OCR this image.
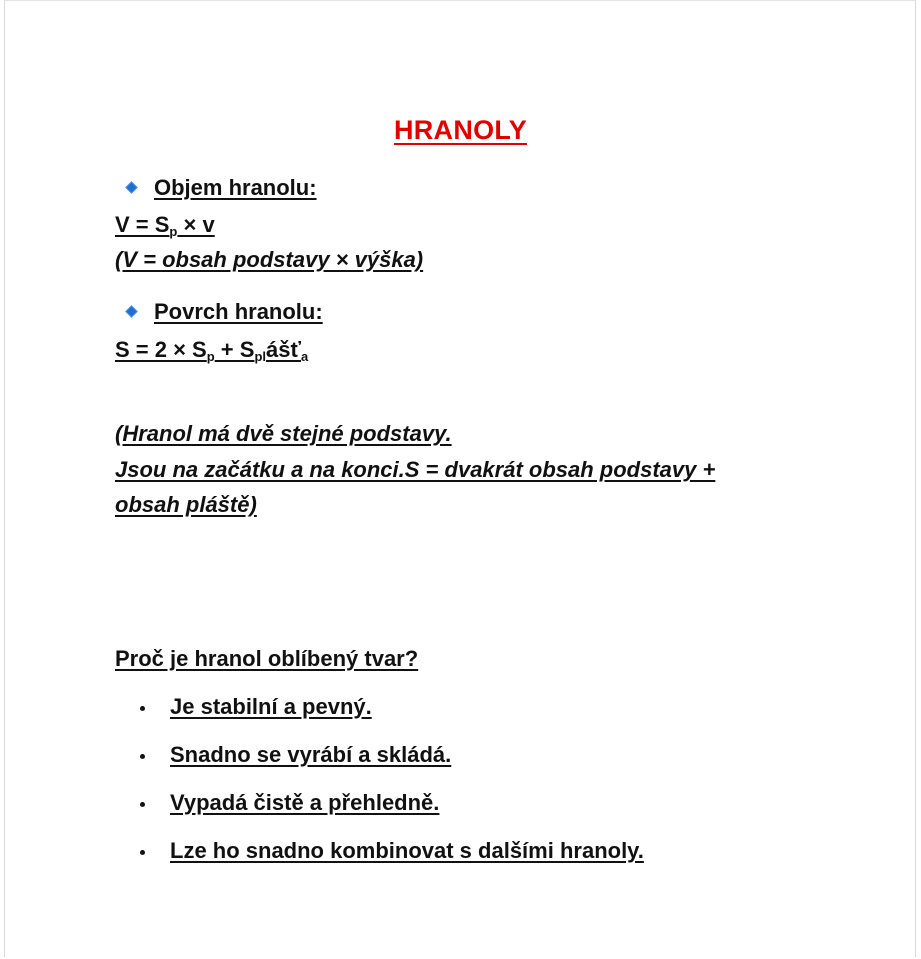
HRANOLY
Objem hranolu:
$V = S_p \times v$
(V = obsah podstavy × výška)
Povrch hranolu:
$S = 2 \times S_p$ + $S_{pl}ášť_a$
(Hranol má dvě stejné podstavy.
Jsou na začátku a na konci.S = dvakrát obsah podstavy +
obsah pláště)
Proč je hranol oblíbený tvar?
Je stabilní a pevný.
Snadno se vyrábí a skládá.
Vypadá čistě a přehledně.
Lze ho snadno kombinovat s dalšími hranoly.
